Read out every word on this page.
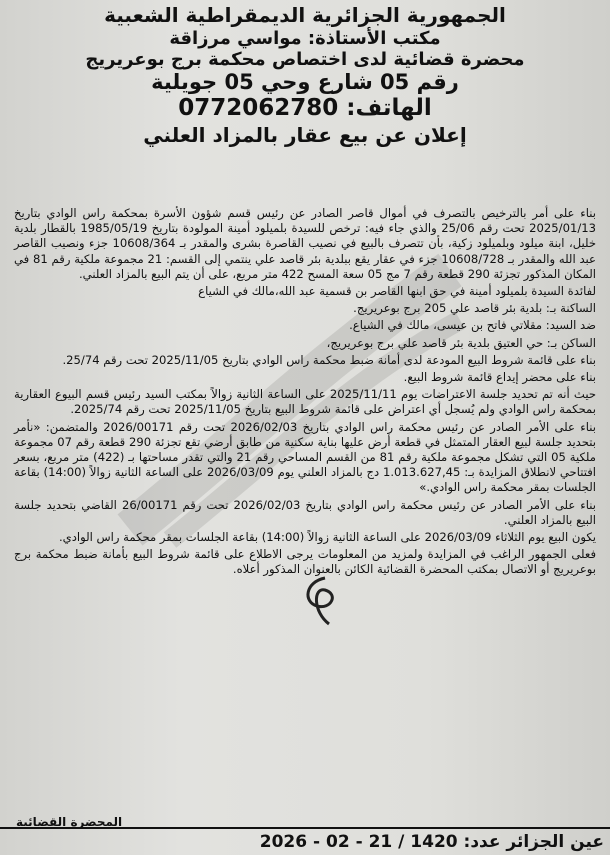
الجمهورية الجزائرية الديمقراطية الشعبية
مكتب الأستاذة: مواسي مرزاقة
محضرة قضائية لدى اختصاص محكمة برج بوعريريج
رقم 05 شارع وحي 05 جويلية
الهاتف: 0772062780
إعلان عن بيع عقار بالمزاد العلني

بناء على أمر بالترخيص بالتصرف في أموال قاصر الصادر عن رئيس قسم شؤون الأسرة بمحكمة راس الوادي بتاريخ 2025/01/13 تحت رقم 25/06 والذي جاء فيه: ترخص للسيدة بلميلود أمينة المولودة بتاريخ 1985/05/19 بالقطار بلدية خليل، ابنة ميلود وبلميلود زكية، بأن تتصرف بالبيع في نصيب القاصرة بشرى والمقدر بـ 10608/364 جزء ونصيب القاصر عبد الله والمقدر بـ 10608/728 جزء في عقار يقع ببلدية بئر قاصد علي ينتمي إلى القسم: 21 مجموعة ملكية رقم 81 في المكان المذكور تجزئة 290 قطعة رقم 7 مج 05 سعة المسح 422 متر مربع، على أن يتم البيع بالمزاد العلني.

لفائدة السيدة بلميلود أمينة في حق ابنها القاصر بن قسمية عبد الله،مالك في الشياع

الساكنة بـ: بلدية بئر قاصد علي 205 برج بوعريريج.

ضد السيد: مقلاتي فاتح بن عيسى، مالك في الشياع.

الساكن بـ: حي العتيق بلدية بئر قاصد علي برج بوعريريج،

بناء على قائمة شروط البيع المودعة لدى أمانة ضبط محكمة راس الوادي بتاريخ 2025/11/05 تحت رقم 25/74.

بناء على محضر إيداع قائمة شروط البيع.

حيث أنه تم تحديد جلسة الاعتراضات يوم 2025/11/11 على الساعة الثانية زوالاً بمكتب السيد رئيس قسم البيوع العقارية بمحكمة راس الوادي ولم يُسجل أي اعتراض على قائمة شروط البيع بتاريخ 2025/11/05 تحت رقم 2025/74.

بناء على الأمر الصادر عن رئيس محكمة راس الوادي بتاريخ 2026/02/03 تحت رقم 2026/00171 والمتضمن: «نأمر بتحديد جلسة لبيع العقار المتمثل في قطعة أرض عليها بناية سكنية من طابق أرضي تقع تجزئة 290 قطعة رقم 07 مجموعة ملكية 05 التي تشكل مجموعة ملكية رقم 81 من القسم المساحي رقم 21 والتي تقدر مساحتها بـ (422) متر مربع، بسعر افتتاحي لانطلاق المزايدة بـ: 1.013.627,45 دج بالمزاد العلني يوم 2026/03/09 على الساعة الثانية زوالاً (14:00) بقاعة الجلسات بمقر محكمة راس الوادي.»

بناء على الأمر الصادر عن رئيس محكمة راس الوادي بتاريخ 2026/02/03 تحت رقم 26/00171 القاضي بتحديد جلسة البيع بالمزاد العلني.

يكون البيع يوم الثلاثاء 2026/03/09 على الساعة الثانية زوالاً (14:00) بقاعة الجلسات بمقر محكمة راس الوادي.

فعلى الجمهور الراغب في المزايدة ولمزيد من المعلومات يرجى الاطلاع على قائمة شروط البيع بأمانة ضبط محكمة برج بوعريريج أو الاتصال بمكتب المحضرة القضائية الكائن بالعنوان المذكور أعلاه.

المحضرة القضائية
عين الجزائر عدد: 1420 / 21 - 02 - 2026
